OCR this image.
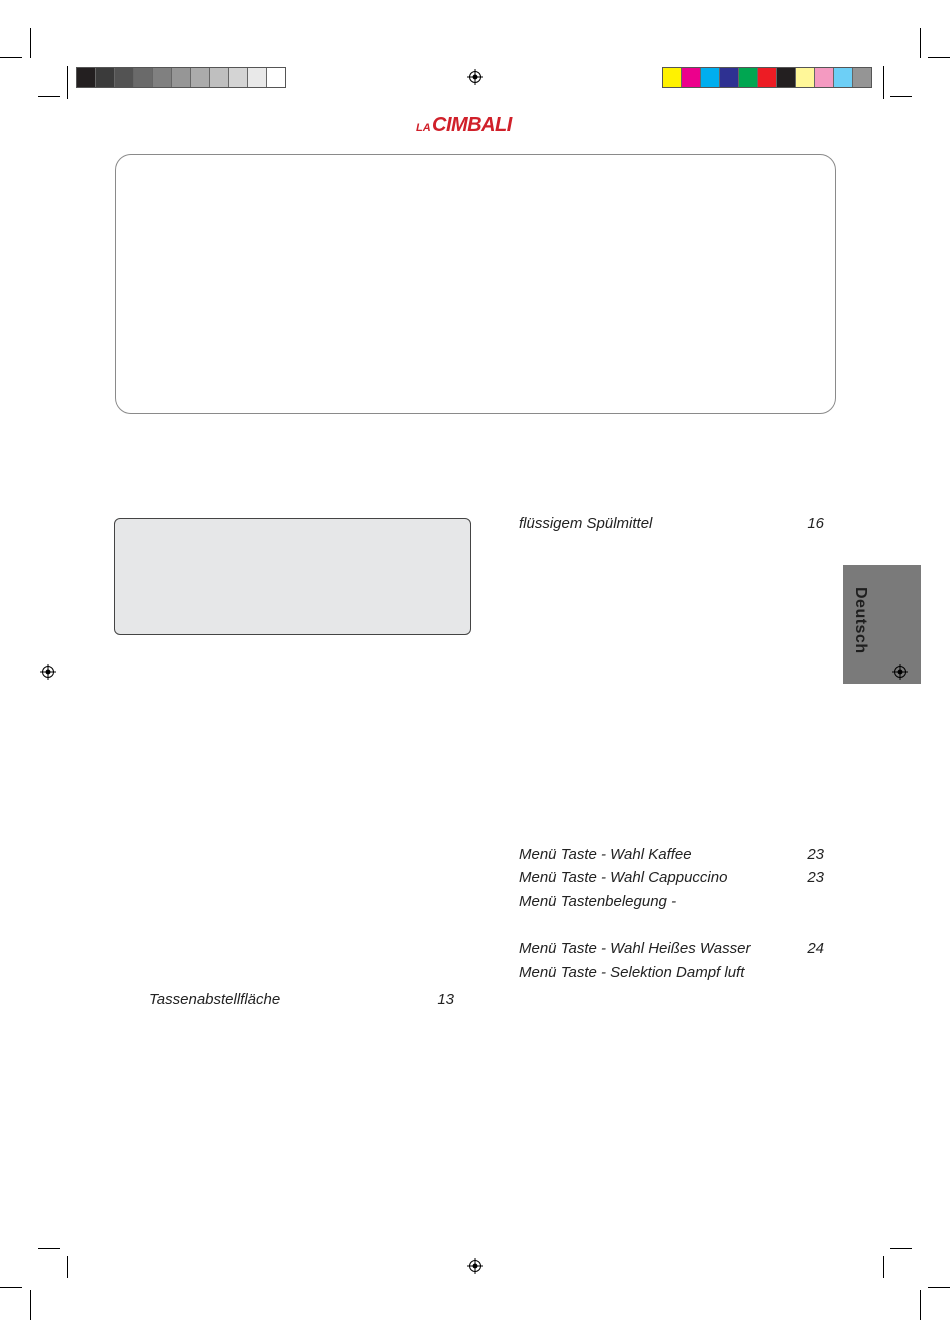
LA CIMBALI
Deutsch
flüssigem Spülmittel	16
Menü Taste - Wahl Kaffee	23
Menü Taste - Wahl Cappuccino	23
Menü Tastenbelegung -
Menü Taste - Wahl Heißes Wasser	24
Menü Taste - Selektion Dampf luft
Tassenabstellfläche	13
